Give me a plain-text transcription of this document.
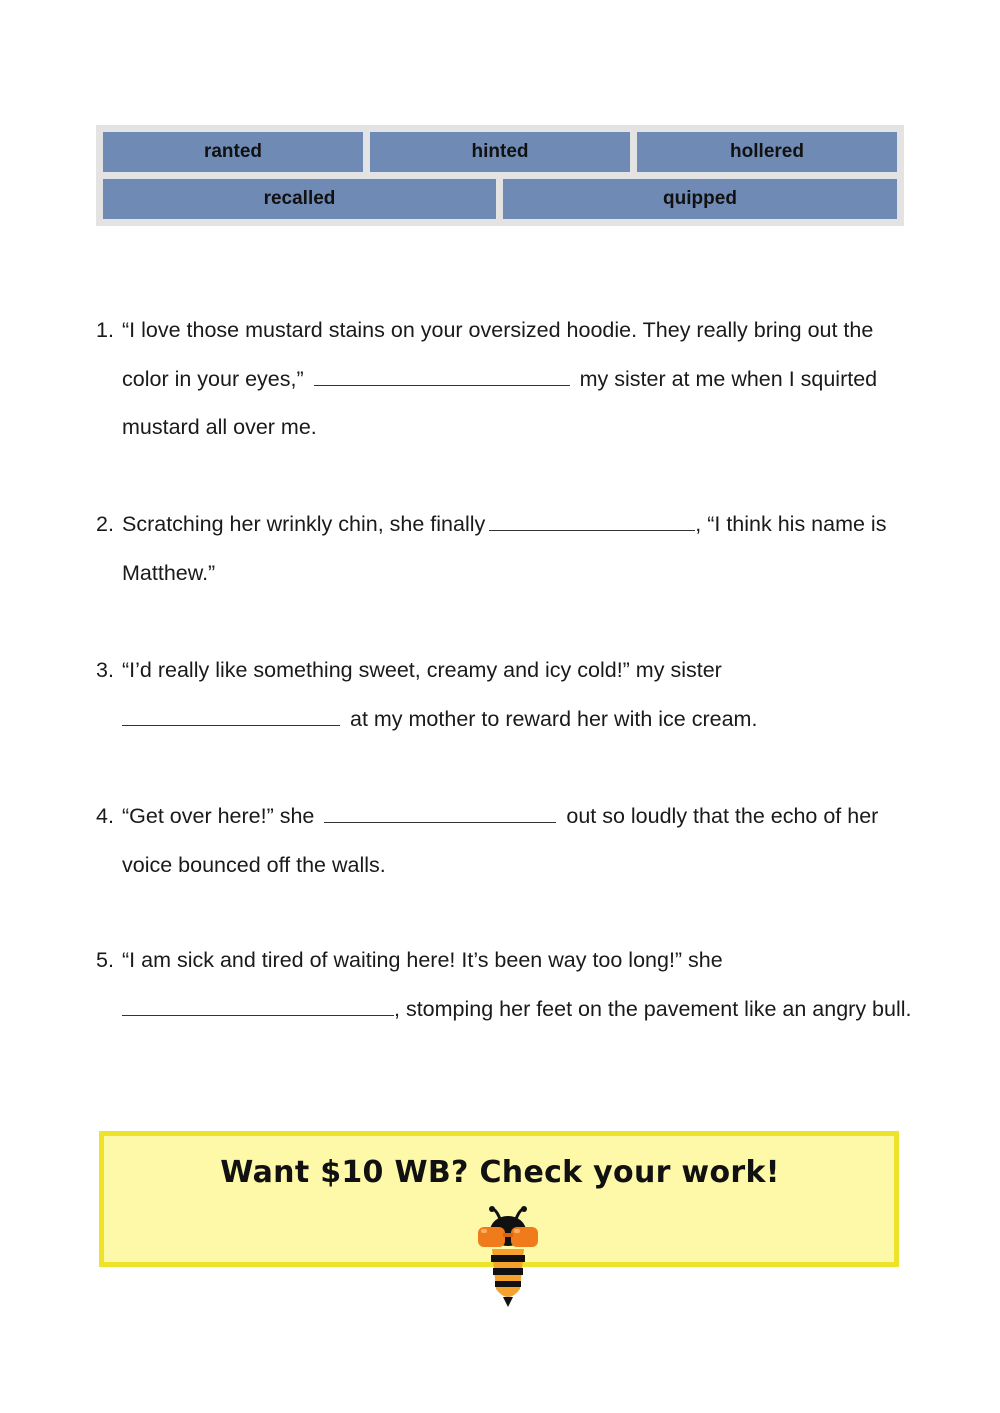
ranted	hinted	hollered
recalled	quipped
1. “I love those mustard stains on your oversized hoodie. They really bring out the color in your eyes,”	my sister at me when I squirted mustard all over me.
2. Scratching her wrinkly chin, she finally	, “I think his name is Matthew.”
3. “I’d really like something sweet, creamy and icy cold!” my sister  at my mother to reward her with ice cream.
4. “Get over here!” she	out so loudly that the echo of her voice bounced off the walls.
5. “I am sick and tired of waiting here! It’s been way too long!” she , stomping her feet on the pavement like an angry bull.
Want $10 WB? Check your work!
